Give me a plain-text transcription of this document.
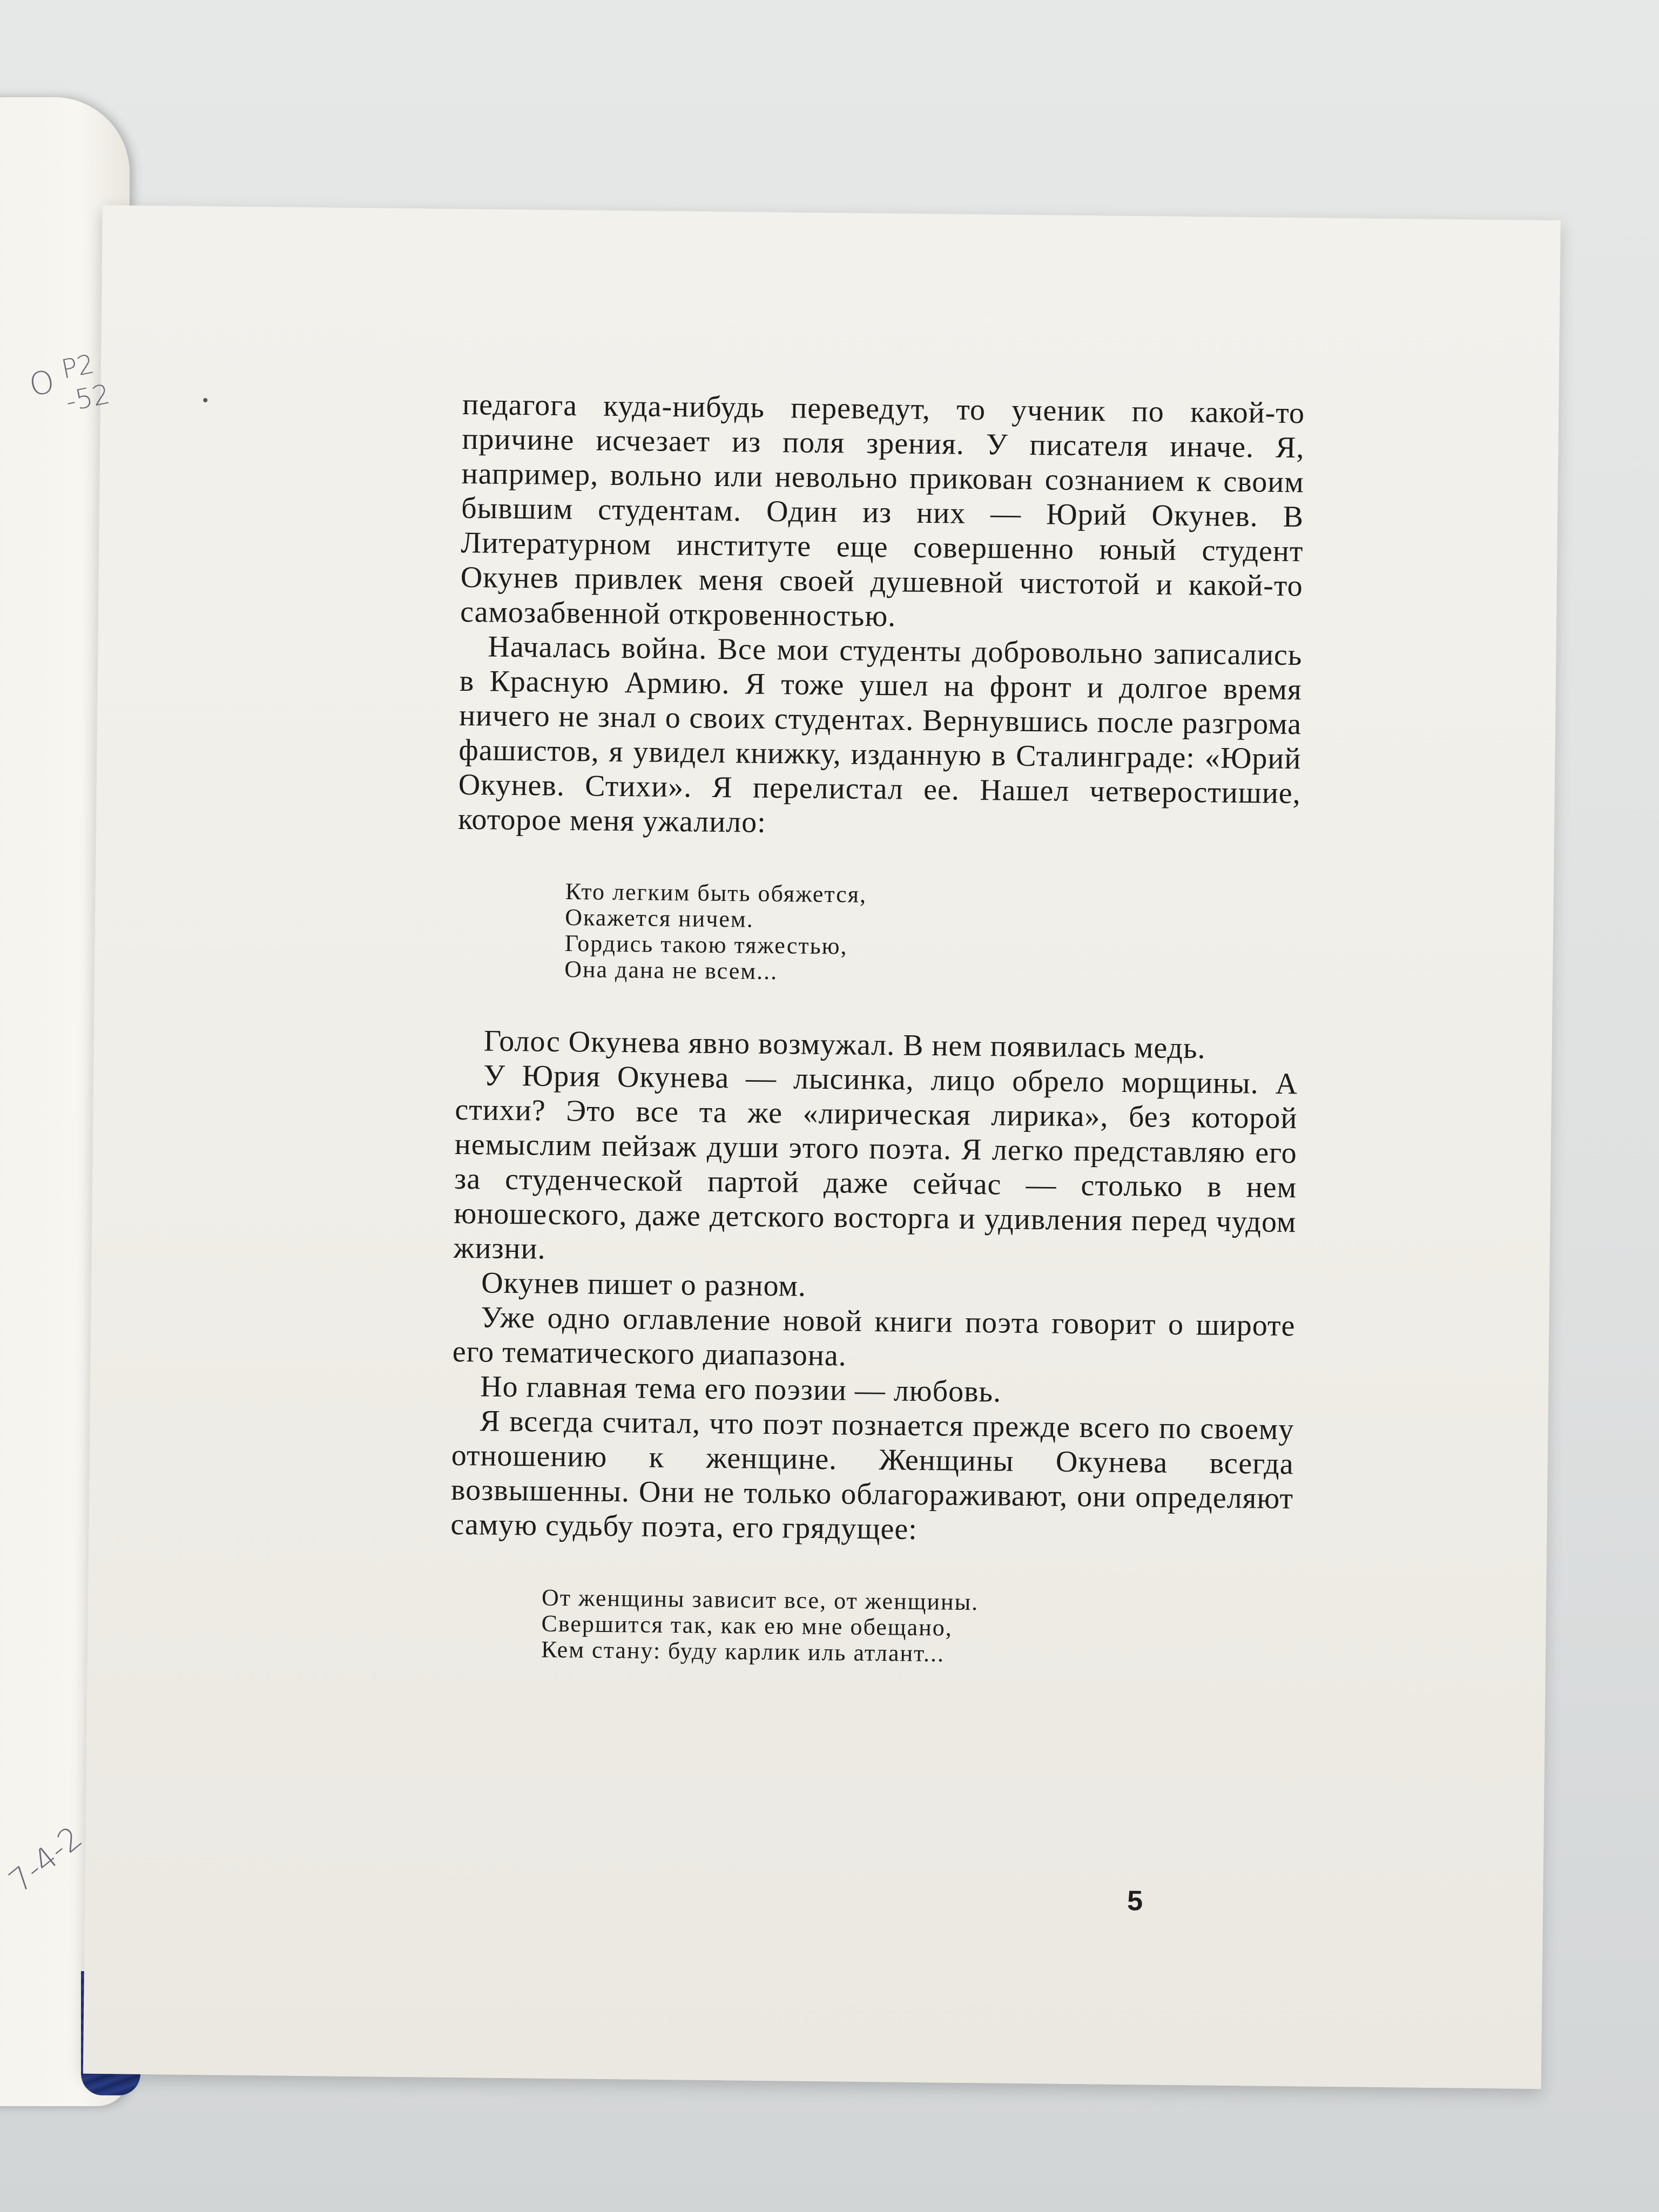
O $^{P2}$
-52
7-4-2

педагога куда-нибудь переведут, то ученик по какой-то причине исчезает из поля зрения. У писателя иначе. Я, например, вольно или невольно прикован сознанием к своим бывшим студентам. Один из них — Юрий Окунев. В Литературном институте еще совершенно юный студент Окунев привлек меня своей душевной чистотой и какой-то самозабвенной откровенностью.

Началась война. Все мои студенты добровольно записались в Красную Армию. Я тоже ушел на фронт и долгое время ничего не знал о своих студентах. Вернувшись после разгрома фашистов, я увидел книжку, изданную в Сталинграде: «Юрий Окунев. Стихи». Я перелистал ее. Нашел четверостишие, которое меня ужалило:

Кто легким быть обяжется,
Окажется ничем.
Гордись такою тяжестью,
Она дана не всем...

Голос Окунева явно возмужал. В нем появилась медь.

У Юрия Окунева — лысинка, лицо обрело морщины. А стихи? Это все та же «лирическая лирика», без которой немыслим пейзаж души этого поэта. Я легко представляю его за студенческой партой даже сейчас — столько в нем юношеского, даже детского восторга и удивления перед чудом жизни.

Окунев пишет о разном.

Уже одно оглавление новой книги поэта говорит о широте его тематического диапазона.

Но главная тема его поэзии — любовь.

Я всегда считал, что поэт познается прежде всего по своему отношению к женщине. Женщины Окунева всегда возвышенны. Они не только облагораживают, они определяют самую судьбу поэта, его грядущее:

От женщины зависит все, от женщины.
Свершится так, как ею мне обещано,
Кем стану: буду карлик иль атлант...

5
